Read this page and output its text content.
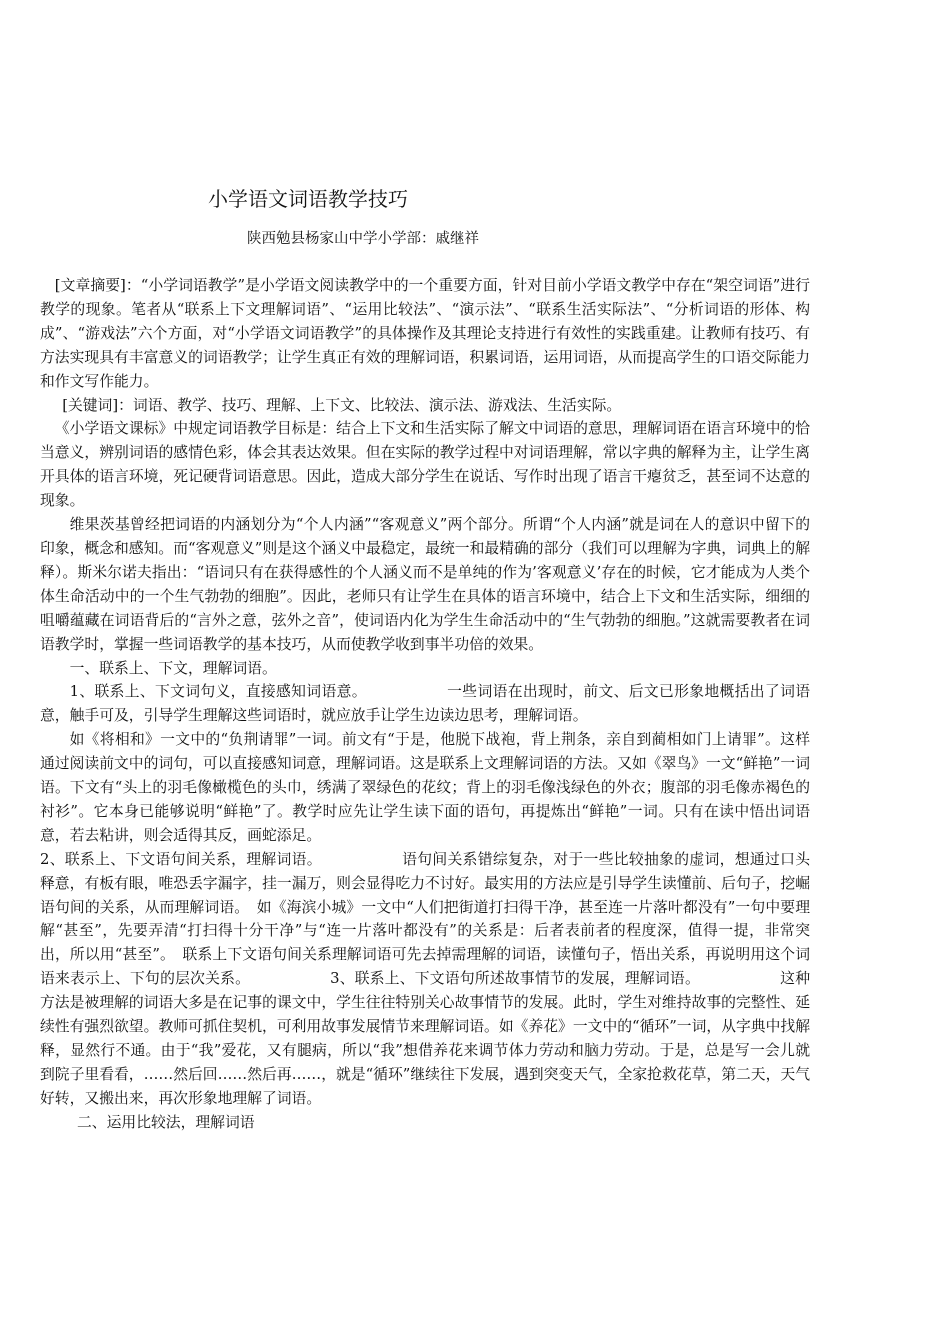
小学语文词语教学技巧
陕西勉县杨家山中学小学部：戚继祥

[文章摘要]：“小学词语教学”是小学语文阅读教学中的一个重要方面，针对目前小学语文教学中存在“架空词语”进行教学的现象。笔者从“联系上下文理解词语”、“运用比较法”、“演示法”、“联系生活实际法”、“分析词语的形体、构成”、“游戏法”六个方面，对“小学语文词语教学”的具体操作及其理论支持进行有效性的实践重建。让教师有技巧、有方法实现具有丰富意义的词语教学；让学生真正有效的理解词语，积累词语，运用词语，从而提高学生的口语交际能力和作文写作能力。

[关键词]：词语、教学、技巧、理解、上下文、比较法、演示法、游戏法、生活实际。

《小学语文课标》中规定词语教学目标是：结合上下文和生活实际了解文中词语的意思，理解词语在语言环境中的恰当意义，辨别词语的感情色彩，体会其表达效果。但在实际的教学过程中对词语理解，常以字典的解释为主，让学生离开具体的语言环境，死记硬背词语意思。因此，造成大部分学生在说话、写作时出现了语言干瘪贫乏，甚至词不达意的现象。

维果茨基曾经把词语的内涵划分为“个人内涵”“客观意义”两个部分。所谓“个人内涵”就是词在人的意识中留下的印象，概念和感知。而“客观意义”则是这个涵义中最稳定，最统一和最精确的部分（我们可以理解为字典，词典上的解释）。斯米尔诺夫指出：“语词只有在获得感性的个人涵义而不是单纯的作为’客观意义’存在的时候，它才能成为人类个体生命活动中的一个生气勃勃的细胞”。因此，老师只有让学生在具体的语言环境中，结合上下文和生活实际，细细的咀嚼蕴藏在词语背后的“言外之意，弦外之音”，使词语内化为学生生命活动中的“生气勃勃的细胞。”这就需要教者在词语教学时，掌握一些词语教学的基本技巧，从而使教学收到事半功倍的效果。

一、联系上、下文，理解词语。

1、联系上、下文词句义，直接感知词语意。	一些词语在出现时，前文、后文已形象地概括出了词语意，触手可及，引导学生理解这些词语时，就应放手让学生边读边思考，理解词语。

如《将相和》一文中的“负荆请罪”一词。前文有“于是，他脱下战袍，背上荆条，亲自到蔺相如门上请罪”。这样通过阅读前文中的词句，可以直接感知词意，理解词语。这是联系上文理解词语的方法。又如《翠鸟》一文“鲜艳”一词语。下文有“头上的羽毛像橄榄色的头巾，绣满了翠绿色的花纹；背上的羽毛像浅绿色的外衣；腹部的羽毛像赤褐色的衬衫”。它本身已能够说明“鲜艳”了。教学时应先让学生读下面的语句，再提炼出“鲜艳”一词。只有在读中悟出词语意，若去粘讲，则会适得其反，画蛇添足。

2、联系上、下文语句间关系，理解词语。	语句间关系错综复杂，对于一些比较抽象的虚词，想通过口头释意，有板有眼，唯恐丢字漏字，挂一漏万，则会显得吃力不讨好。最实用的方法应是引导学生读懂前、后句子，挖崛语句间的关系，从而理解词语。　如《海滨小城》一文中“人们把街道打扫得干净，甚至连一片落叶都没有”一句中要理解“甚至”，先要弄清“打扫得十分干净”与“连一片落叶都没有”的关系是：后者表前者的程度深，值得一提，非常突出，所以用“甚至”。　联系上下文语句间关系理解词语可先去掉需理解的词语，读懂句子，悟出关系，再说明用这个词语来表示上、下句的层次关系。	3、联系上、下文语句所述故事情节的发展，理解词语。	这种方法是被理解的词语大多是在记事的课文中，学生往往特别关心故事情节的发展。此时，学生对维持故事的完整性、延续性有强烈欲望。教师可抓住契机，可利用故事发展情节来理解词语。如《养花》一文中的“循环”一词，从字典中找解释，显然行不通。由于“我”爱花，又有腿病，所以“我”想借养花来调节体力劳动和脑力劳动。于是，总是写一会儿就到院子里看看，……然后回……然后再……，就是“循环”继续往下发展，遇到突变天气，全家抢救花草，第二天，天气好转，又搬出来，再次形象地理解了词语。

二、运用比较法，理解词语
